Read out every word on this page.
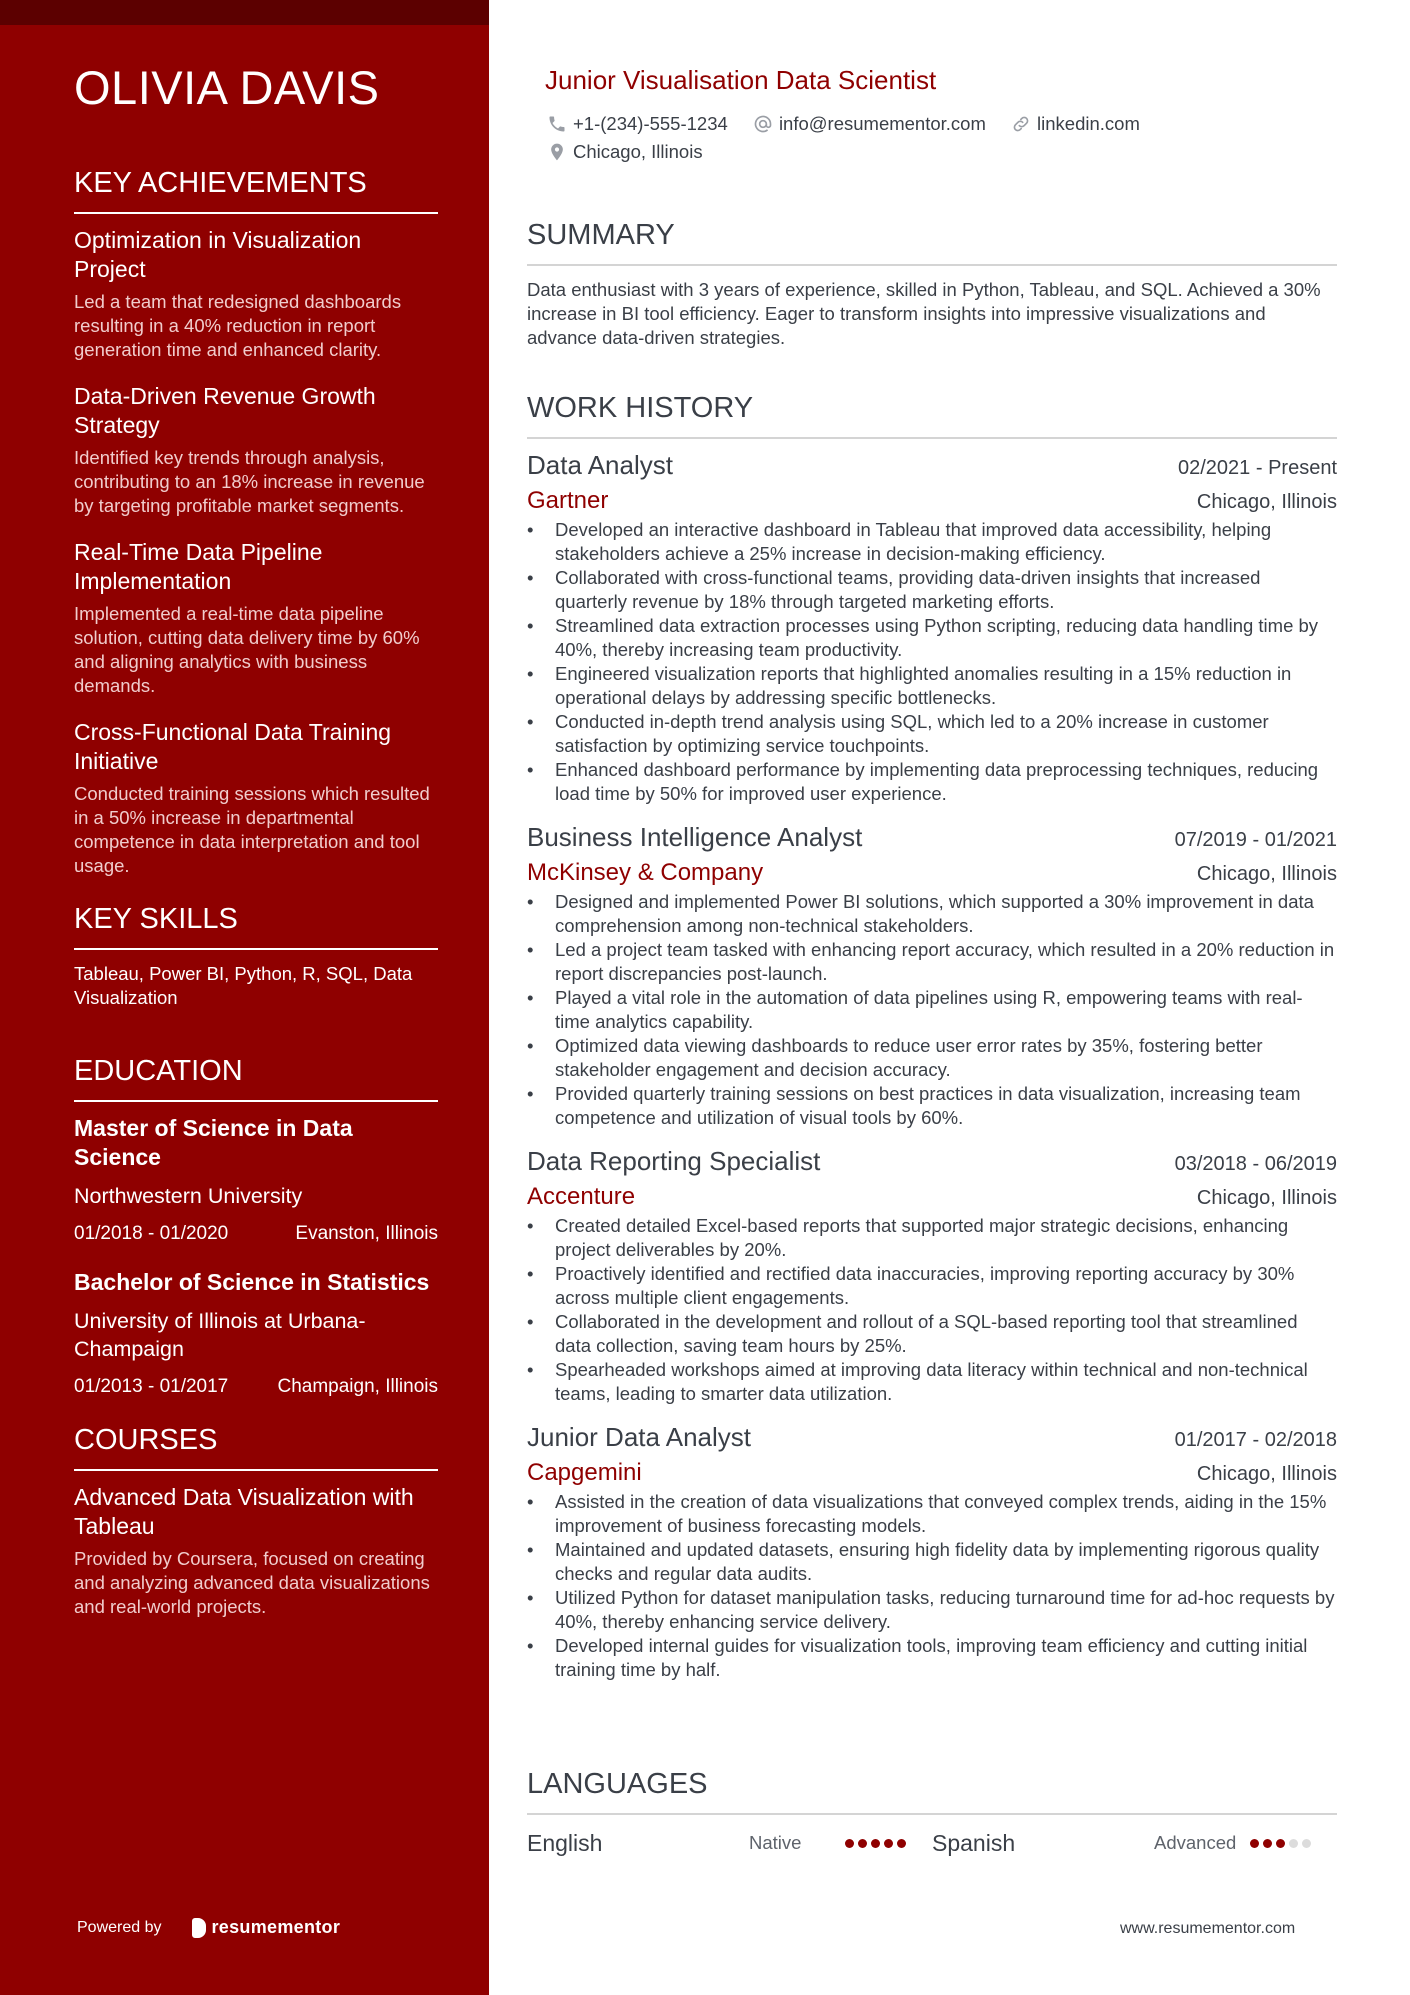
OLIVIA DAVIS
KEY ACHIEVEMENTS
Optimization in Visualization Project
Led a team that redesigned dashboards resulting in a 40% reduction in report generation time and enhanced clarity.
Data-Driven Revenue Growth Strategy
Identified key trends through analysis, contributing to an 18% increase in revenue by targeting profitable market segments.
Real-Time Data Pipeline Implementation
Implemented a real-time data pipeline solution, cutting data delivery time by 60% and aligning analytics with business demands.
Cross-Functional Data Training Initiative
Conducted training sessions which resulted in a 50% increase in departmental competence in data interpretation and tool usage.
KEY SKILLS
Tableau, Power BI, Python, R, SQL, Data Visualization
EDUCATION
Master of Science in Data Science
Northwestern University
01/2018 - 01/2020	Evanston, Illinois
Bachelor of Science in Statistics
University of Illinois at Urbana-Champaign
01/2013 - 01/2017	Champaign, Illinois
COURSES
Advanced Data Visualization with Tableau
Provided by Coursera, focused on creating and analyzing advanced data visualizations and real-world projects.
Powered by	resumementor
Junior Visualisation Data Scientist
+1-(234)-555-1234
	info@resumementor.com
	linkedin.com

Chicago, Illinois
SUMMARY
Data enthusiast with 3 years of experience, skilled in Python, Tableau, and SQL. Achieved a 30% increase in BI tool efficiency. Eager to transform insights into impressive visualizations and advance data-driven strategies.
WORK HISTORY
Data Analyst	02/2021 - Present
Gartner	Chicago, Illinois
• Developed an interactive dashboard in Tableau that improved data accessibility, helping stakeholders achieve a 25% increase in decision-making efficiency.
• Collaborated with cross-functional teams, providing data-driven insights that increased quarterly revenue by 18% through targeted marketing efforts.
• Streamlined data extraction processes using Python scripting, reducing data handling time by 40%, thereby increasing team productivity.
• Engineered visualization reports that highlighted anomalies resulting in a 15% reduction in operational delays by addressing specific bottlenecks.
• Conducted in-depth trend analysis using SQL, which led to a 20% increase in customer satisfaction by optimizing service touchpoints.
• Enhanced dashboard performance by implementing data preprocessing techniques, reducing load time by 50% for improved user experience.
Business Intelligence Analyst	07/2019 - 01/2021
McKinsey & Company	Chicago, Illinois
• Designed and implemented Power BI solutions, which supported a 30% improvement in data comprehension among non-technical stakeholders.
• Led a project team tasked with enhancing report accuracy, which resulted in a 20% reduction in report discrepancies post-launch.
• Played a vital role in the automation of data pipelines using R, empowering teams with real-time analytics capability.
• Optimized data viewing dashboards to reduce user error rates by 35%, fostering better stakeholder engagement and decision accuracy.
• Provided quarterly training sessions on best practices in data visualization, increasing team competence and utilization of visual tools by 60%.
Data Reporting Specialist	03/2018 - 06/2019
Accenture	Chicago, Illinois
• Created detailed Excel-based reports that supported major strategic decisions, enhancing project deliverables by 20%.
• Proactively identified and rectified data inaccuracies, improving reporting accuracy by 30% across multiple client engagements.
• Collaborated in the development and rollout of a SQL-based reporting tool that streamlined data collection, saving team hours by 25%.
• Spearheaded workshops aimed at improving data literacy within technical and non-technical teams, leading to smarter data utilization.
Junior Data Analyst	01/2017 - 02/2018
Capgemini	Chicago, Illinois
• Assisted in the creation of data visualizations that conveyed complex trends, aiding in the 15% improvement of business forecasting models.
• Maintained and updated datasets, ensuring high fidelity data by implementing rigorous quality checks and regular data audits.
• Utilized Python for dataset manipulation tasks, reducing turnaround time for ad-hoc requests by 40%, thereby enhancing service delivery.
• Developed internal guides for visualization tools, improving team efficiency and cutting initial training time by half.
LANGUAGES
English	Native	Spanish	Advanced
www.resumementor.com
